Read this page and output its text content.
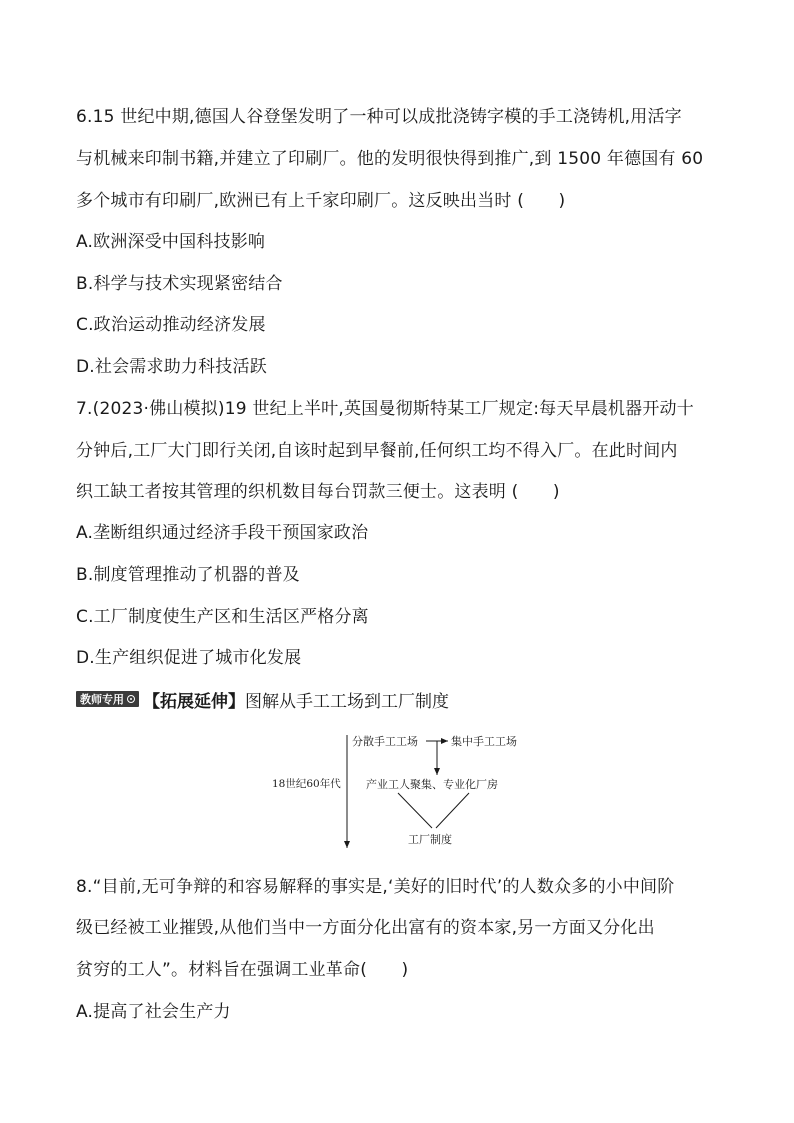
6.15 世纪中期,德国人谷登堡发明了一种可以成批浇铸字模的手工浇铸机,用活字
与机械来印制书籍,并建立了印刷厂。他的发明很快得到推广,到 1500 年德国有 60
多个城市有印刷厂,欧洲已有上千家印刷厂。这反映出当时 (　　)
A.欧洲深受中国科技影响
B.科学与技术实现紧密结合
C.政治运动推动经济发展
D.社会需求助力科技活跃
7.(2023·佛山模拟)19 世纪上半叶,英国曼彻斯特某工厂规定:每天早晨机器开动十
分钟后,工厂大门即行关闭,自该时起到早餐前,任何织工均不得入厂。在此时间内
织工缺工者按其管理的织机数目每台罚款三便士。这表明 (　　)
A.垄断组织通过经济手段干预国家政治
B.制度管理推动了机器的普及
C.工厂制度使生产区和生活区严格分离
D.生产组织促进了城市化发展
教师专用 【拓展延伸】图解从手工工场到工厂制度
分散手工工场	集中手工工场
产业工人聚集、专业化厂房
工厂制度
18世纪60年代
8.“目前,无可争辩的和容易解释的事实是,‘美好的旧时代’的人数众多的小中间阶
级已经被工业摧毁,从他们当中一方面分化出富有的资本家,另一方面又分化出
贫穷的工人”。材料旨在强调工业革命(　　)
A.提高了社会生产力
